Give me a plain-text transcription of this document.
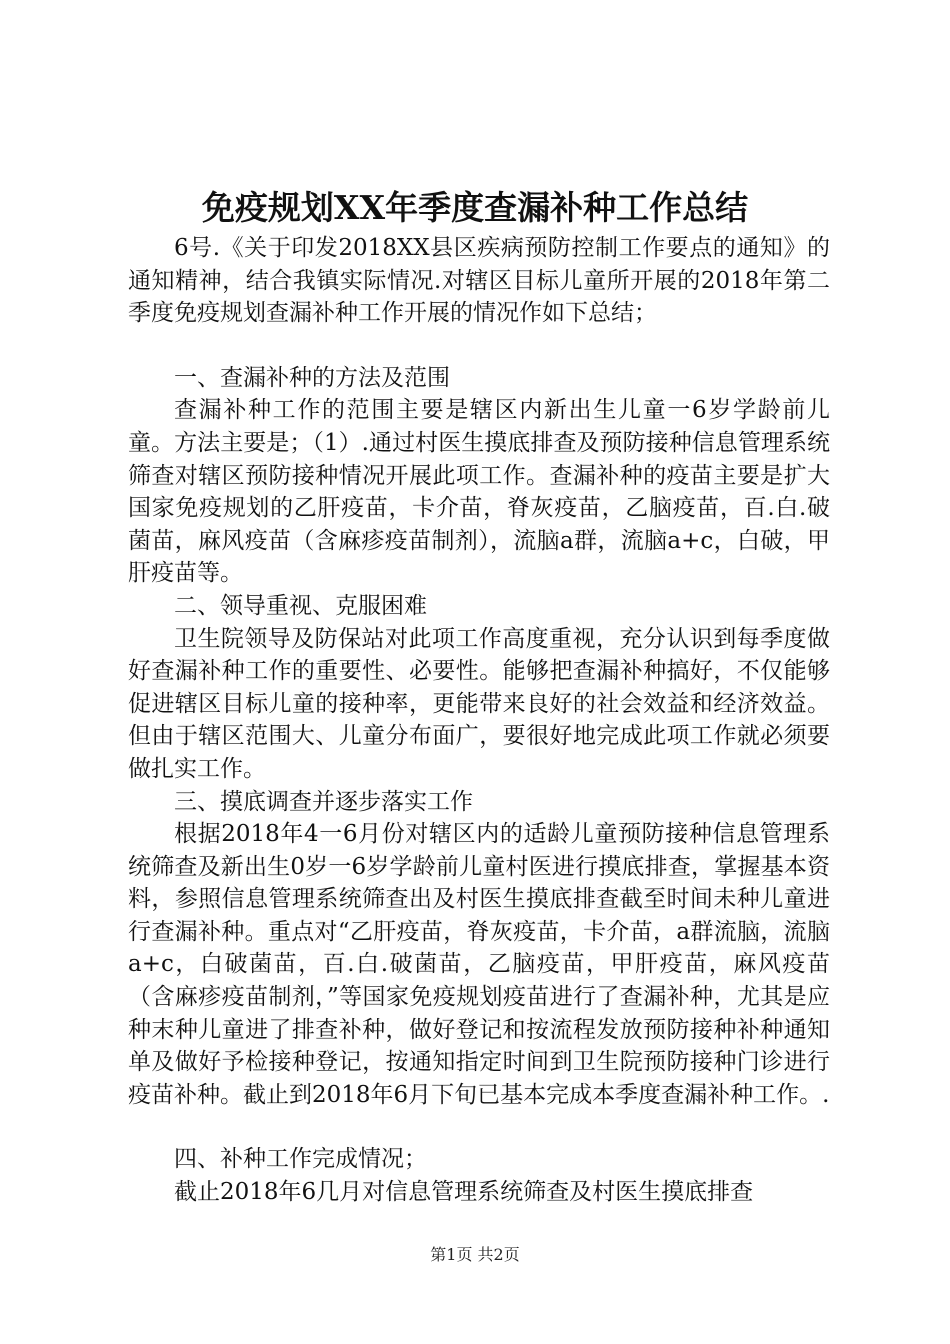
免疫规划XX年季度查漏补种工作总结

6号.《关于印发2018XX县区疾病预防控制工作要点的通知》的通知精神，结合我镇实际情况.对辖区目标儿童所开展的2018年第二季度免疫规划查漏补种工作开展的情况作如下总结；

一、查漏补种的方法及范围

查漏补种工作的范围主要是辖区内新出生儿童一6岁学龄前儿童。方法主要是；（1）.通过村医生摸底排查及预防接种信息管理系统筛查对辖区预防接种情况开展此项工作。查漏补种的疫苗主要是扩大国家免疫规划的乙肝疫苗，卡介苗，脊灰疫苗，乙脑疫苗，百.白.破菌苗，麻风疫苗（含麻疹疫苗制剂），流脑a群，流脑a+c，白破，甲肝疫苗等。

二、领导重视、克服困难

卫生院领导及防保站对此项工作高度重视，充分认识到每季度做好查漏补种工作的重要性、必要性。能够把查漏补种搞好，不仅能够促进辖区目标儿童的接种率，更能带来良好的社会效益和经济效益。但由于辖区范围大、儿童分布面广，要很好地完成此项工作就必须要做扎实工作。

三、摸底调查并逐步落实工作

根据2018年4一6月份对辖区内的适龄儿童预防接种信息管理系统筛查及新出生0岁一6岁学龄前儿童村医进行摸底排查，掌握基本资料，参照信息管理系统筛查出及村医生摸底排查截至时间未种儿童进行查漏补种。重点对“乙肝疫苗，脊灰疫苗，卡介苗，a群流脑，流脑a+c，白破菌苗，百.白.破菌苗，乙脑疫苗，甲肝疫苗，麻风疫苗（含麻疹疫苗制剂，”等国家免疫规划疫苗进行了查漏补种，尤其是应种末种儿童进了排查补种，做好登记和按流程发放预防接种补种通知单及做好予检接种登记，按通知指定时间到卫生院预防接种门诊进行疫苗补种。截止到2018年6月下旬已基本完成本季度查漏补种工作。.

四、补种工作完成情况；

截止2018年6几月对信息管理系统筛查及村医生摸底排查

第1页 共2页
